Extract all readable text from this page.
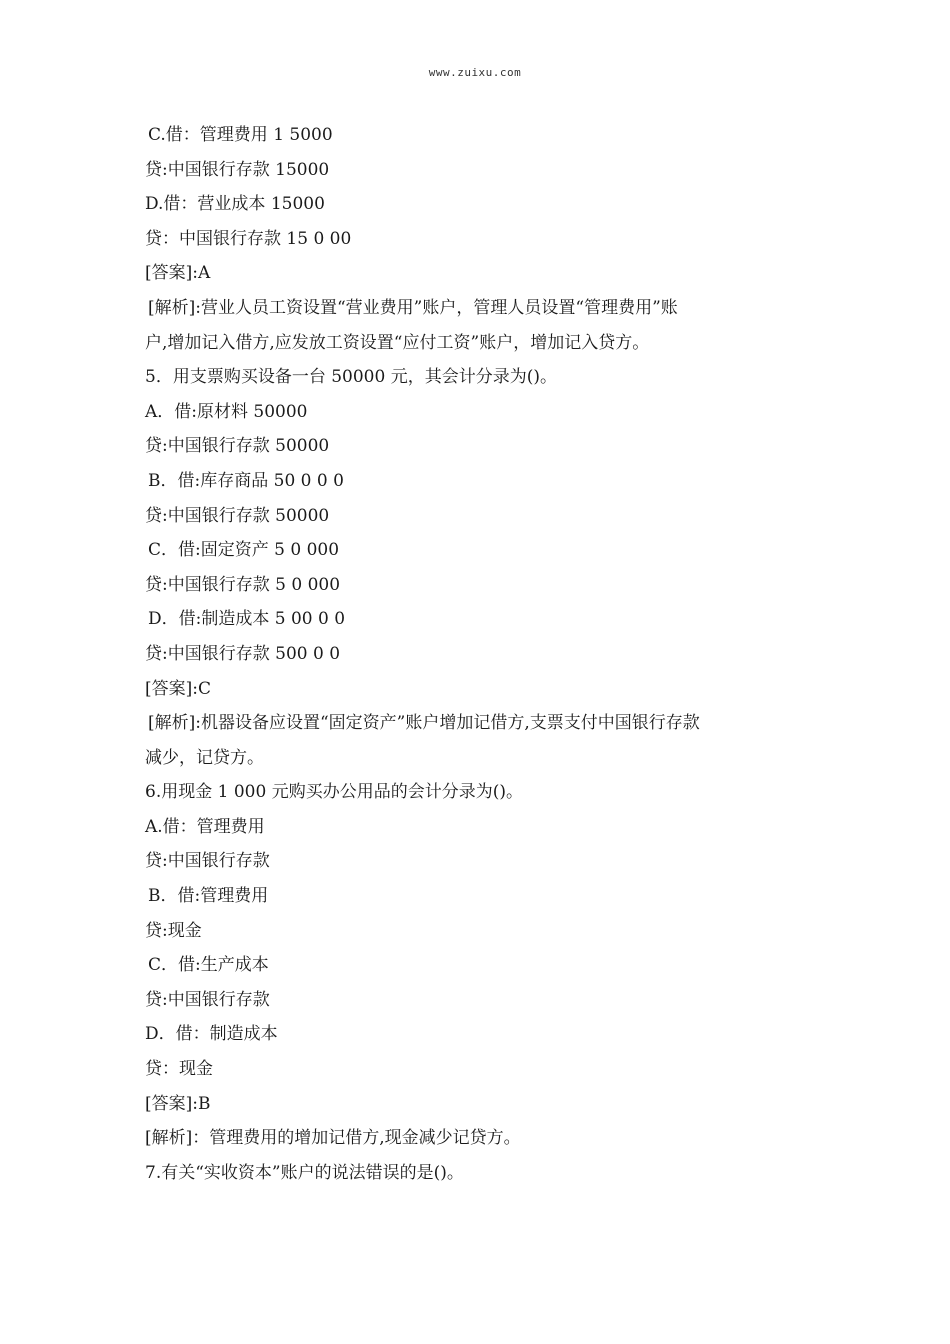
www.zuixu.com
C.借：管理费用 1 5000
贷:中国银行存款 15000
D.借：营业成本 15000
贷：中国银行存款 15 0 00
[答案]:A
[解析]:营业人员工资设置“营业费用”账户，管理人员设置“管理费用”账
户,增加记入借方,应发放工资设置“应付工资”账户，增加记入贷方。
5．用支票购买设备一台 50000 元，其会计分录为()。
A．借:原材料 50000
贷:中国银行存款 50000
B．借:库存商品 50 0 0 0
贷:中国银行存款 50000
C．借:固定资产 5 0 000
贷:中国银行存款 5 0 000
D．借:制造成本 5 00 0 0
贷:中国银行存款 500 0 0
[答案]:C
[解析]:机器设备应设置“固定资产”账户增加记借方,支票支付中国银行存款
减少，记贷方。
6.用现金 1 000 元购买办公用品的会计分录为()。
A.借：管理费用
贷:中国银行存款
B．借:管理费用
贷:现金
C．借:生产成本
贷:中国银行存款
D．借：制造成本
贷：现金
[答案]:B
[解析]：管理费用的增加记借方,现金减少记贷方。
7.有关“实收资本”账户的说法错误的是()。
